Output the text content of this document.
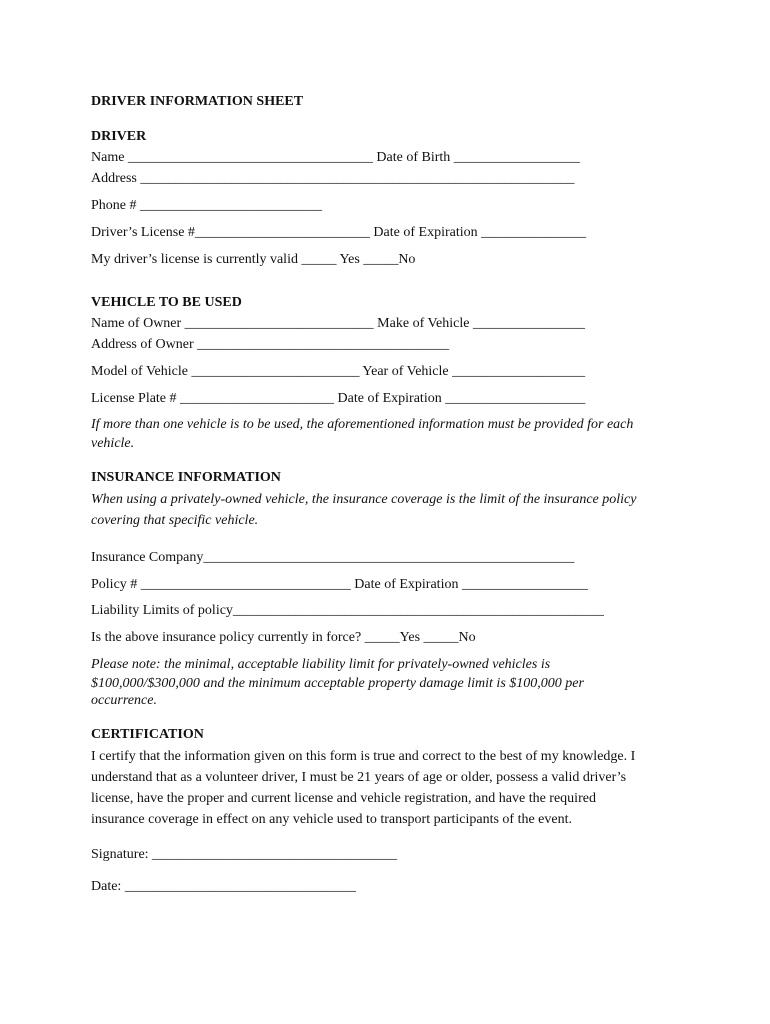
DRIVER INFORMATION SHEET
DRIVER
Name ___________________________________ Date of Birth __________________
Address ______________________________________________________________
Phone # __________________________
Driver’s License #_________________________ Date of Expiration _______________
My driver’s license is currently valid _____ Yes _____No
VEHICLE TO BE USED
Name of Owner ___________________________ Make of Vehicle ________________
Address of Owner ____________________________________
Model of Vehicle ________________________ Year of Vehicle ___________________
License Plate # ______________________ Date of Expiration ____________________
If more than one vehicle is to be used, the aforementioned information must be provided for each
vehicle.
INSURANCE INFORMATION
When using a privately-owned vehicle, the insurance coverage is the limit of the insurance policy
covering that specific vehicle.
Insurance Company_____________________________________________________
Policy # ______________________________ Date of Expiration __________________
Liability Limits of policy_____________________________________________________
Is the above insurance policy currently in force? _____Yes _____No
Please note: the minimal, acceptable liability limit for privately-owned vehicles is
$100,000/$300,000 and the minimum acceptable property damage limit is $100,000 per
occurrence.
CERTIFICATION
I certify that the information given on this form is true and correct to the best of my knowledge. I
understand that as a volunteer driver, I must be 21 years of age or older, possess a valid driver’s
license, have the proper and current license and vehicle registration, and have the required
insurance coverage in effect on any vehicle used to transport participants of the event.
Signature: ___________________________________
Date: _________________________________
